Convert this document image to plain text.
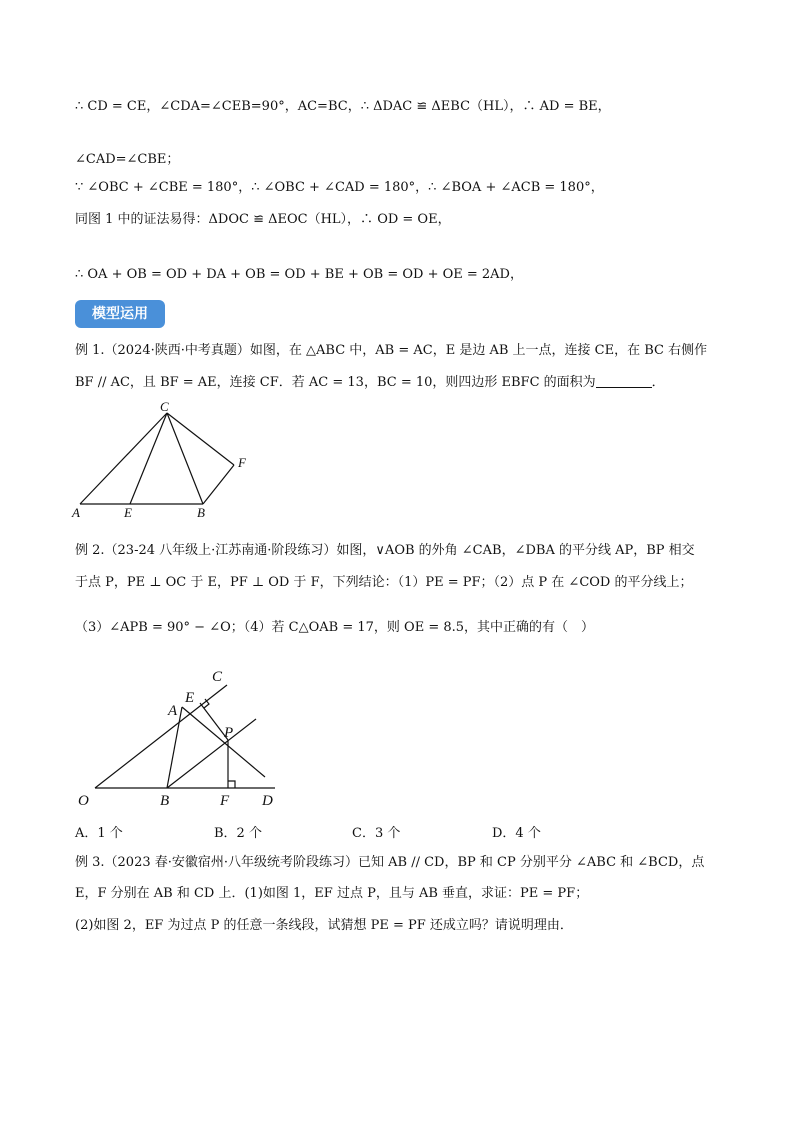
∴ CD = CE，∠CDA=∠CEB=90°，AC=BC，∴ ΔDAC ≌ ΔEBC（HL），∴ AD = BE，
∠CAD=∠CBE；
∵ ∠OBC + ∠CBE = 180°，∴ ∠OBC + ∠CAD = 180°，∴ ∠BOA + ∠ACB = 180°，
同图 1 中的证法易得：ΔDOC ≌ ΔEOC（HL），∴ OD = OE，
∴ OA + OB = OD + DA + OB = OD + BE + OB = OD + OE = 2AD，
模型运用
例 1.（2024·陕西·中考真题）如图，在 △ABC 中，AB = AC，E 是边 AB 上一点，连接 CE，在 BC 右侧作
BF // AC，且 BF = AE，连接 CF．若 AC = 13，BC = 10，则四边形 EBFC 的面积为	．
C
F
A	E	B
例 2.（23-24 八年级上·江苏南通·阶段练习）如图，∨AOB 的外角 ∠CAB，∠DBA 的平分线 AP，BP 相交
于点 P，PE ⊥ OC 于 E，PF ⊥ OD 于 F，下列结论：（1）PE = PF；（2）点 P 在 ∠COD 的平分线上；
（3）∠APB = 90° − ∠O；（4）若 C△OAB = 17，则 OE = 8.5，其中正确的有（　）
C
E
A
P
O	B	F D
A．1 个	B．2 个	C．3 个	D．4 个
例 3.（2023 春·安徽宿州·八年级统考阶段练习）已知 AB // CD，BP 和 CP 分别平分 ∠ABC 和 ∠BCD，点
E，F 分别在 AB 和 CD 上．(1)如图 1，EF 过点 P，且与 AB 垂直，求证：PE = PF；
(2)如图 2，EF 为过点 P 的任意一条线段，试猜想 PE = PF 还成立吗？请说明理由．
